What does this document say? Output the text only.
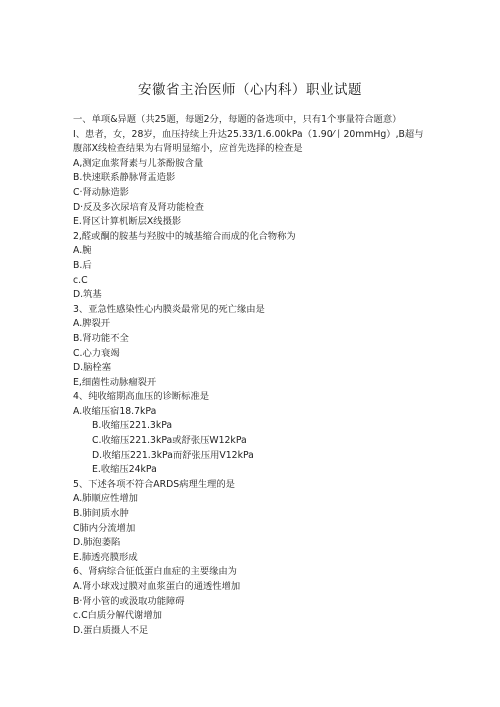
安徽省主治医师（心内科）职业试题
一、单项&异题（共25题，每题2分，每题的备选项中，只有1个事量符合题意）
I、患者，女，28岁，血压持续上升达25.33/1.6.00kPa（1.90⁄丨20mmHg）,B超与
腹部X线检查结果为右肾明显缩小，应首先选择的检查是
A,测定血浆肾素与儿茶酚胺含量
B.快速联系静脉肾盂造影
C·肾动脉造影
D·反及多次尿培育及肾功能检查
E.肾区计算机断层X线摄影
2,醛或酮的胺基与羟胺中的城基缩合而成的化合物称为
A.腕
B.后
c.C
D.筑基
3、亚急性感染性心内膜炎最常见的死亡缘由是
A.脾裂开
B.肾功能不全
C.心力衰竭
D.脑栓塞
E,细菌性动脉瘤裂开
4、纯收缩期高血压的诊断标准是
A.收缩压宿18.7kPa
B.收缩压221.3kPa
C.收缩压221.3kPa或舒张压W12kPa
D.收缩压221.3kPa而舒张压用V12kPa
E.收缩压24kPa
5、下述各项不符合ARDS病理生理的是
A.肺顺应性增加
B.肺间质水肿
C肺内分流增加
D.肺泡萎陷
E.肺透亮膜形成
6、肾病综合征低蛋白血症的主要缘由为
A.肾小球戏过膜对血浆蛋白的通透性增加
B·肾小管的或汲取功能障碍
c.C白质分解代谢增加
D.蛋白质摄人不足
